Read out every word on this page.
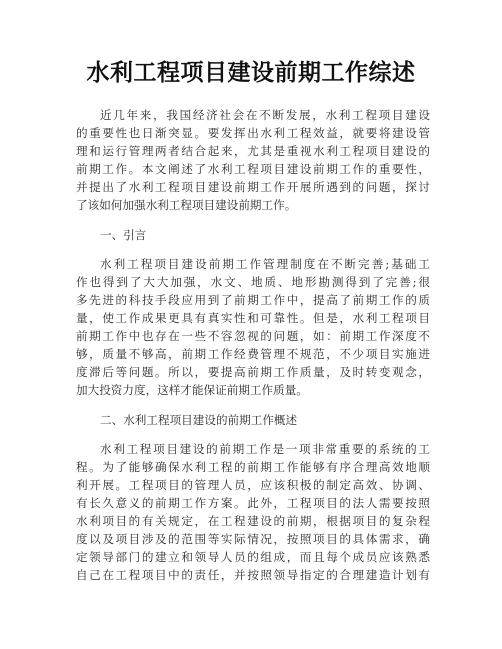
水利工程项目建设前期工作综述
近几年来，我国经济社会在不断发展，水利工程项目建设
的重要性也日渐突显。要发挥出水利工程效益，就要将建设管
理和运行管理两者结合起来，尤其是重视水利工程项目建设的
前期工作。本文阐述了水利工程项目建设前期工作的重要性，
并提出了水利工程项目建设前期工作开展所遇到的问题，探讨
了该如何加强水利工程项目建设前期工作。
一、引言
水利工程项目建设前期工作管理制度在不断完善;基础工
作也得到了大大加强，水文、地质、地形勘测得到了完善;很
多先进的科技手段应用到了前期工作中，提高了前期工作的质
量，使工作成果更具有真实性和可靠性。但是，水利工程项目
前期工作中也存在一些不容忽视的问题，如：前期工作深度不
够，质量不够高，前期工作经费管理不规范，不少项目实施进
度滞后等问题。所以，要提高前期工作质量，及时转变观念，
加大投资力度，这样才能保证前期工作质量。
二、水利工程项目建设的前期工作概述
水利工程项目建设的前期工作是一项非常重要的系统的工
程。为了能够确保水利工程的前期工作能够有序合理高效地顺
利开展。工程项目的管理人员，应该积极的制定高效、协调、
有长久意义的前期工作方案。此外，工程项目的法人需要按照
水利项目的有关规定，在工程建设的前期，根据项目的复杂程
度以及项目涉及的范围等实际情况，按照项目的具体需求，确
定领导部门的建立和领导人员的组成，而且每个成员应该熟悉
自己在工程项目中的责任，并按照领导指定的合理建造计划有
